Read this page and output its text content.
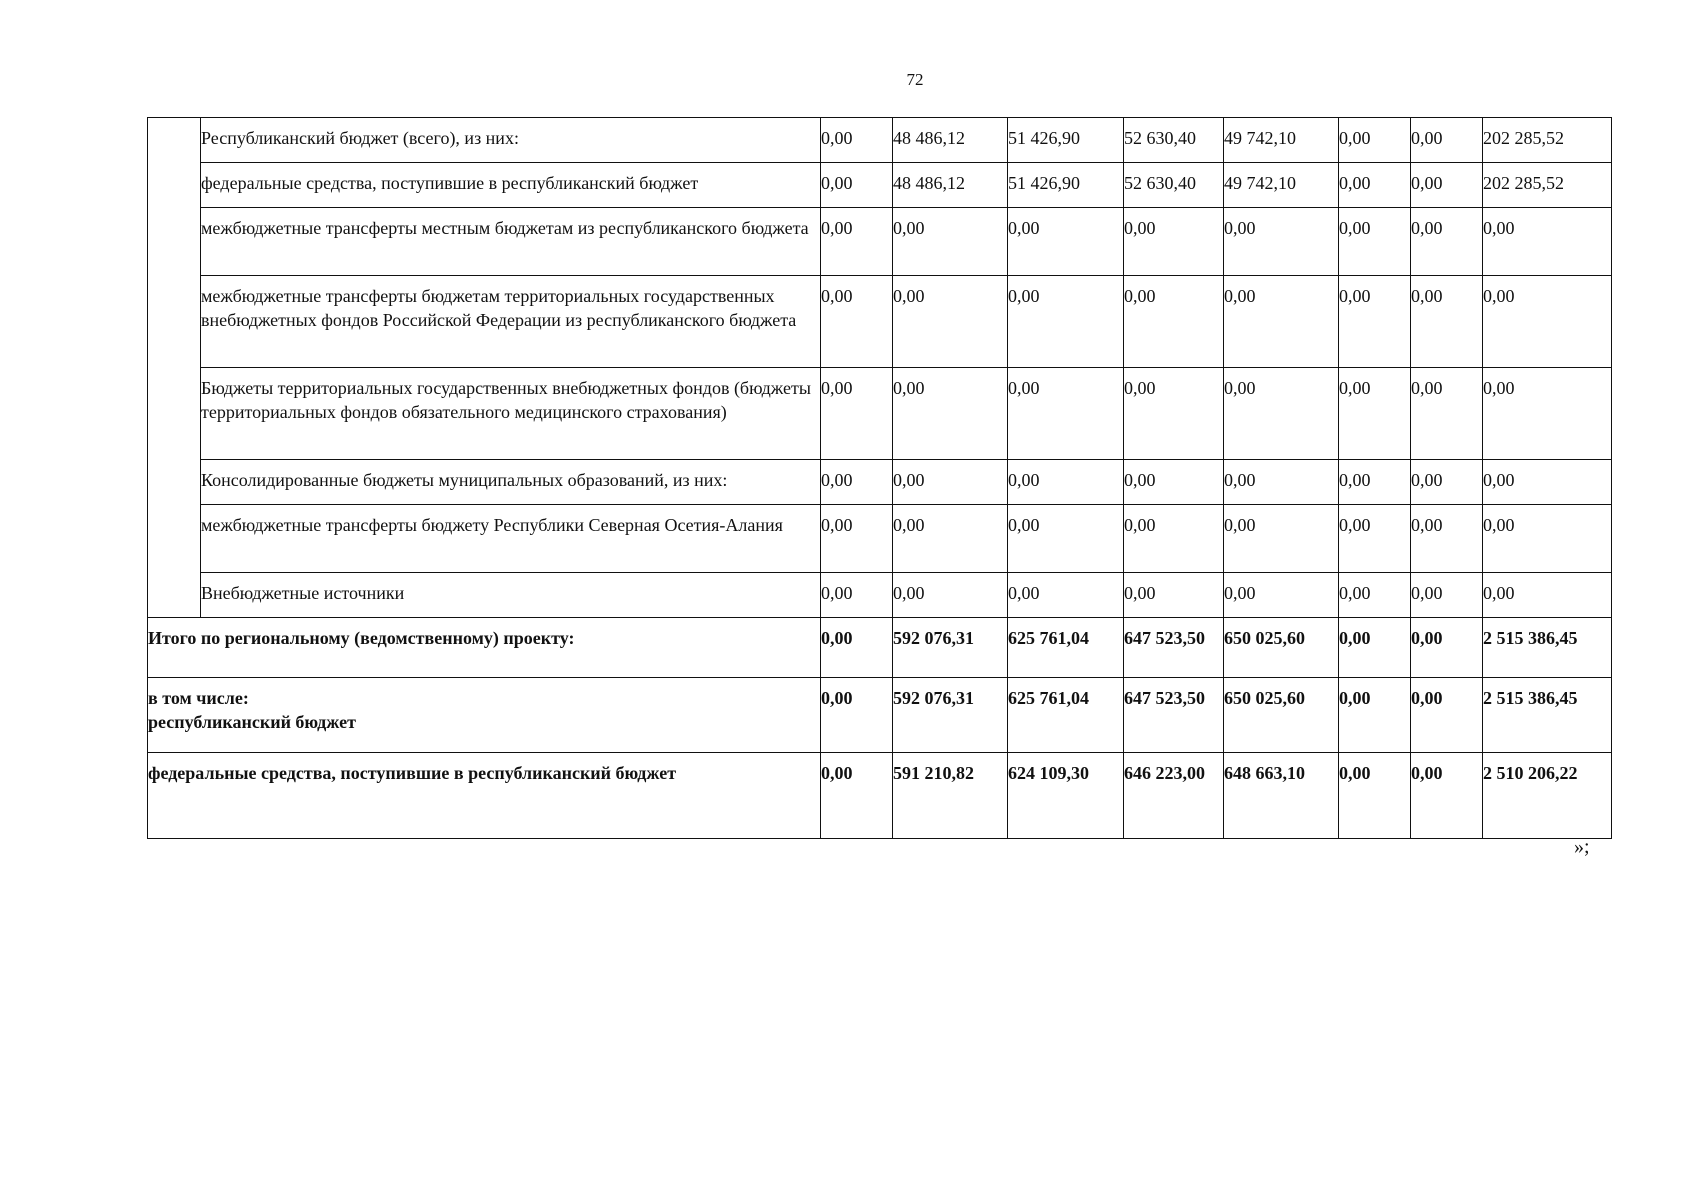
72
	Республиканский бюджет (всего), из них:	0,00	48 486,12	51 426,90	52 630,40	49 742,10	0,00	0,00	202 285,52
	федеральные средства, поступившие в республиканский бюджет	0,00	48 486,12	51 426,90	52 630,40	49 742,10	0,00	0,00	202 285,52
	межбюджетные трансферты местным бюджетам из республиканского бюджета	0,00	0,00	0,00	0,00	0,00	0,00	0,00	0,00
	межбюджетные трансферты бюджетам территориальных государственных внебюджетных фондов Российской Федерации из республиканского бюджета	0,00	0,00	0,00	0,00	0,00	0,00	0,00	0,00
	Бюджеты территориальных государственных внебюджетных фондов (бюджеты территориальных фондов обязательного медицинского страхования)	0,00	0,00	0,00	0,00	0,00	0,00	0,00	0,00
	Консолидированные бюджеты муниципальных образований, из них:	0,00	0,00	0,00	0,00	0,00	0,00	0,00	0,00
	межбюджетные трансферты бюджету Республики Северная Осетия-Алания	0,00	0,00	0,00	0,00	0,00	0,00	0,00	0,00
	Внебюджетные источники	0,00	0,00	0,00	0,00	0,00	0,00	0,00	0,00
Итого по региональному (ведомственному) проекту:		0,00	592 076,31	625 761,04	647 523,50	650 025,60	0,00	0,00	2 515 386,45

в том числе:
республиканский бюджет		0,00	592 076,31	625 761,04	647 523,50	650 025,60	0,00	0,00	2 515 386,45
федеральные средства, поступившие в республиканский бюджет		0,00	591 210,82	624 109,30	646 223,00	648 663,10	0,00	0,00	2 510 206,22
»;
